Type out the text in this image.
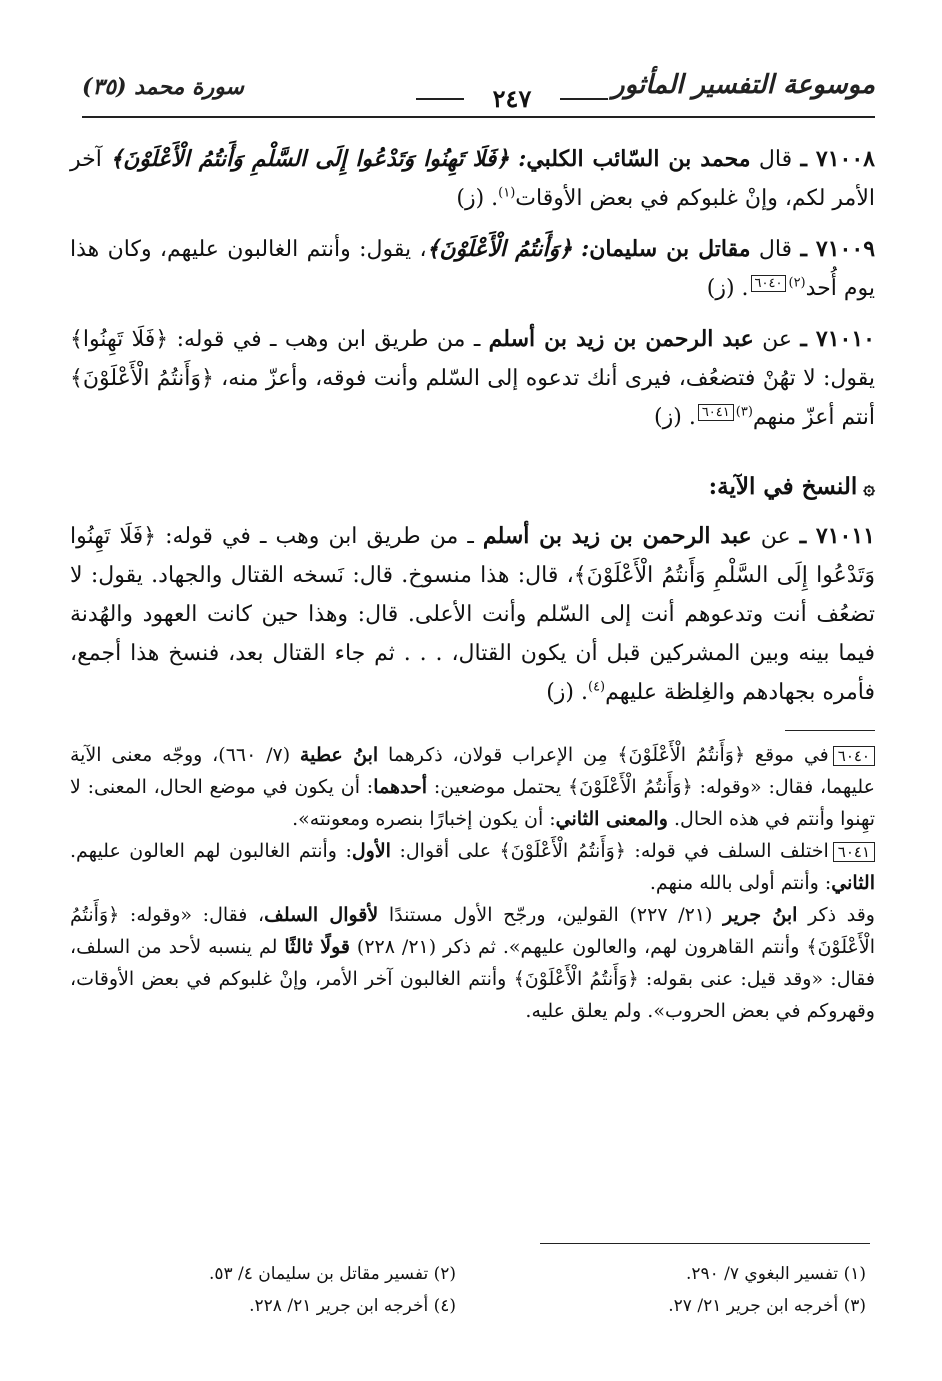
موسوعة التفسير المأثور
٢٤٧
سورة محمد (٣٥)

٧١٠٠٨ ـ قال محمد بن السّائب الكلبي: ﴿فَلَا تَهِنُوا وَتَدْعُوا إِلَى السَّلْمِ وَأَنتُمُ الْأَعْلَوْنَ﴾ آخر الأمر لكم، وإنْ غلبوكم في بعض الأوقات$^{(١)}$. (ز)

٧١٠٠٩ ـ قال مقاتل بن سليمان: ﴿وَأَنتُمُ الْأَعْلَوْنَ﴾، يقول: وأنتم الغالبون عليهم، وكان هذا يوم أُحد$^{(٢)}$٦٠٤٠. (ز)

٧١٠١٠ ـ عن عبد الرحمن بن زيد بن أسلم ـ من طريق ابن وهب ـ في قوله: ﴿فَلَا تَهِنُوا﴾ يقول: لا تهُنْ فتضعُف، فيرى أنك تدعوه إلى السّلم وأنت فوقه، وأعزّ منه، ﴿وَأَنتُمُ الْأَعْلَوْنَ﴾ أنتم أعزّ منهم$^{(٣)}$٦٠٤١. (ز)

۞النسخ في الآية:

٧١٠١١ ـ عن عبد الرحمن بن زيد بن أسلم ـ من طريق ابن وهب ـ في قوله: ﴿فَلَا تَهِنُوا وَتَدْعُوا إِلَى السَّلْمِ وَأَنتُمُ الْأَعْلَوْنَ﴾، قال: هذا منسوخ. قال: نَسخه القتال والجهاد. يقول: لا تضعُف أنت وتدعوهم أنت إلى السّلم وأنت الأعلى. قال: وهذا حين كانت العهود والهُدنة فيما بينه وبين المشركين قبل أن يكون القتال، . . . ثم جاء القتال بعد، فنسخ هذا أجمع، فأمره بجهادهم والغِلظة عليهم$^{(٤)}$. (ز)

٦٠٤٠في موقع ﴿وَأَنتُمُ الْأَعْلَوْنَ﴾ مِن الإعراب قولان، ذكرهما ابنُ عطية (٧/ ٦٦٠)، ووجّه معنى الآية عليهما، فقال: «وقوله: ﴿وَأَنتُمُ الْأَعْلَوْنَ﴾ يحتمل موضعين: أحدهما: أن يكون في موضع الحال، المعنى: لا تهِنوا وأنتم في هذه الحال. والمعنى الثاني: أن يكون إخبارًا بنصره ومعونته».

٦٠٤١اختلف السلف في قوله: ﴿وَأَنتُمُ الْأَعْلَوْنَ﴾ على أقوال: الأول: وأنتم الغالبون لهم العالون عليهم. الثاني: وأنتم أولى بالله منهم.

وقد ذكر ابنُ جرير (٢١/ ٢٢٧) القولين، ورجّح الأول مستندًا لأقوال السلف، فقال: «وقوله: ﴿وَأَنتُمُ الْأَعْلَوْنَ﴾ وأنتم القاهرون لهم، والعالون عليهم». ثم ذكر (٢١/ ٢٢٨) قولًا ثالثًا لم ينسبه لأحد من السلف، فقال: «وقد قيل: عنى بقوله: ﴿وَأَنتُمُ الْأَعْلَوْنَ﴾ وأنتم الغالبون آخر الأمر، وإنْ غلبوكم في بعض الأوقات، وقهروكم في بعض الحروب». ولم يعلق عليه.

(١) تفسير البغوي ٧/ ٢٩٠.
(٢) تفسير مقاتل بن سليمان ٤/ ٥٣.
(٣) أخرجه ابن جرير ٢١/ ٢٧.
(٤) أخرجه ابن جرير ٢١/ ٢٢٨.
